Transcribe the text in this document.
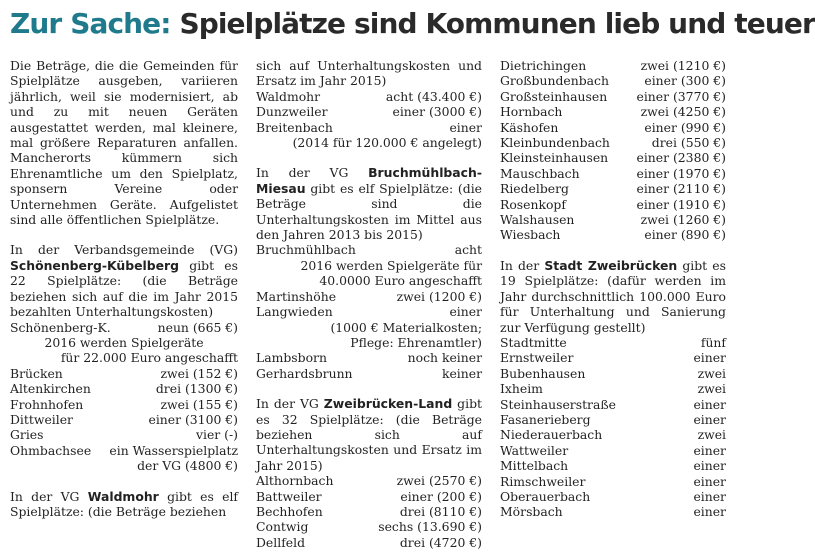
Zur Sache: Spielplätze sind Kommunen lieb und teuer

Die Beträge, die die Gemeinden für Spielplätze ausgeben, variieren jährlich, weil sie modernisiert, ab und zu mit neuen Geräten ausgestattet werden, mal kleinere, mal größere Reparaturen anfallen. Mancherorts kümmern sich Ehrenamtliche um den Spielplatz, sponsern Vereine oder Unternehmen Geräte. Aufgelistet sind alle öffentlichen Spielplätze.

In der Verbandsgemeinde (VG) Schönenberg-Kübelberg gibt es 22 Spielplätze: (die Beträge beziehen sich auf die im Jahr 2015 bezahlten Unterhaltungskosten)

Schönenberg-K.	neun (665 €)
2016 werden Spielgeräte
für 22.000 Euro angeschafft
Brücken	zwei (152 €)
Altenkirchen	drei (1300 €)
Frohnhofen	zwei (155 €)
Dittweiler	einer (3100 €)
Gries	vier (-)
Ohmbachsee ein Wasserspielplatz
der VG (4800 €)

In der VG Waldmohr gibt es elf Spielplätze: (die Beträge beziehen

sich auf Unterhaltungskosten und Ersatz im Jahr 2015)

Waldmohr	acht (43.400 €)
Dunzweiler	einer (3000 €)
Breitenbach	einer
(2014 für 120.000 € angelegt)

In der VG Bruchmühlbach-Miesau gibt es elf Spielplätze: (die Beträge sind die Unterhaltungskosten im Mittel aus den Jahren 2013 bis 2015)

Bruchmühlbach	acht
2016 werden Spielgeräte für
40.0000 Euro angeschafft
Martinshöhe	zwei (1200 €)
Langwieden	einer
(1000 € Materialkosten;
Pflege: Ehrenamtler)
Lambsborn	noch keiner
Gerhardsbrunn	keiner

In der VG Zweibrücken-Land gibt es 32 Spielplätze: (die Beträge beziehen sich auf Unterhaltungskosten und Ersatz im Jahr 2015)

Althornbach	zwei (2570 €)
Battweiler	einer (200 €)
Bechhofen	drei (8110 €)
Contwig	sechs (13.690 €)
Dellfeld	drei (4720 €)
Dietrichingen	zwei (1210 €)
Großbundenbach	einer (300 €)
Großsteinhausen einer (3770 €)
Hornbach	zwei (4250 €)
Käshofen	einer (990 €)
Kleinbundenbach	drei (550 €)
Kleinsteinhausen einer (2380 €)
Mauschbach	einer (1970 €)
Riedelberg	einer (2110 €)
Rosenkopf	einer (1910 €)
Walshausen	zwei (1260 €)
Wiesbach	einer (890 €)

In der Stadt Zweibrücken gibt es 19 Spielplätze: (dafür werden im Jahr durchschnittlich 100.000 Euro für Unterhaltung und Sanierung zur Verfügung gestellt)

Stadtmitte	fünf
Ernstweiler	einer
Bubenhausen	zwei
Ixheim	zwei
Steinhauserstraße	einer
Fasanerieberg	einer
Niederauerbach	zwei
Wattweiler	einer
Mittelbach	einer
Rimschweiler	einer
Oberauerbach	einer
Mörsbach	einer
